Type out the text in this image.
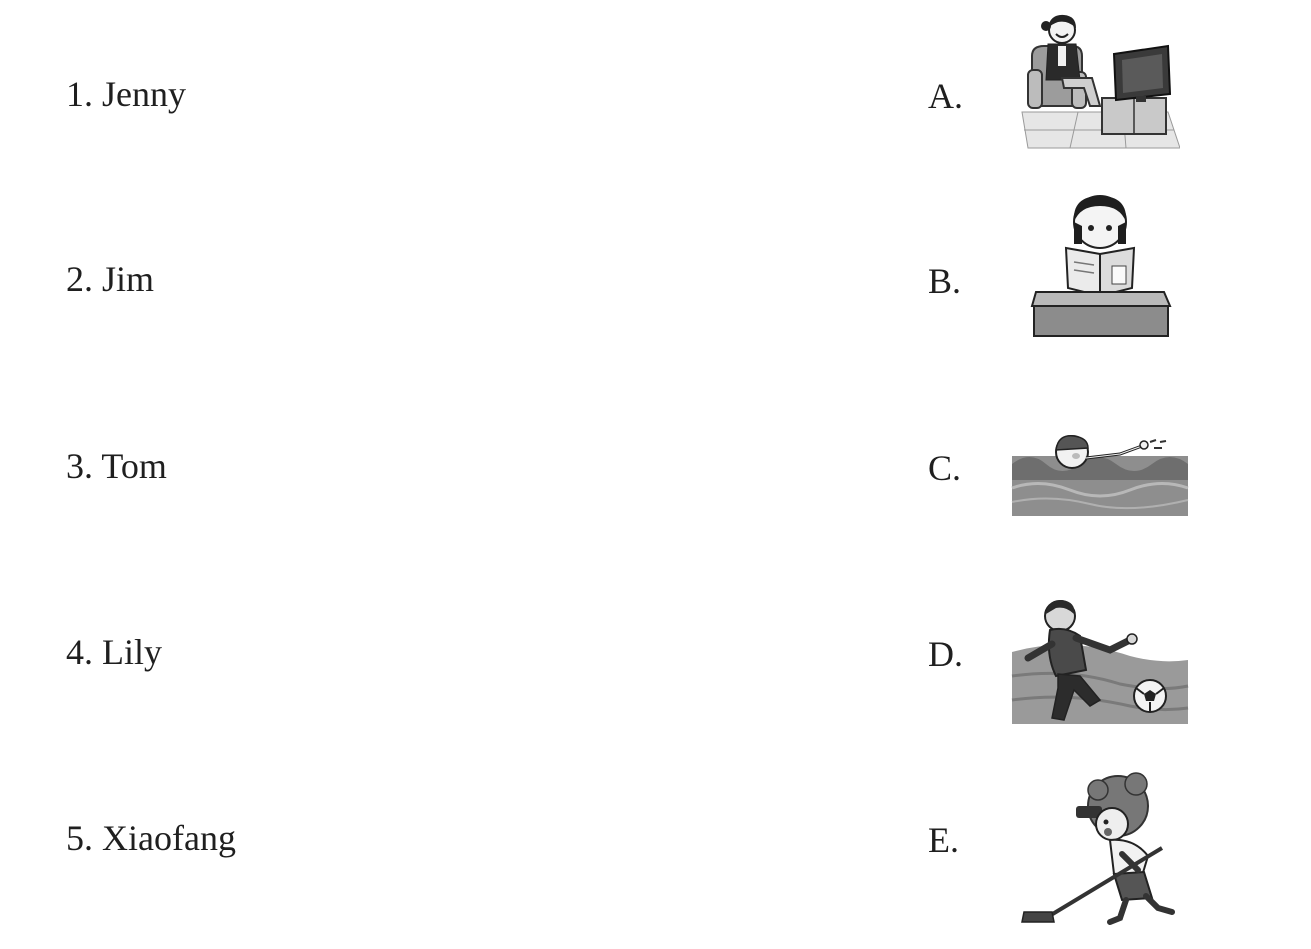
1. Jenny
2. Jim
3. Tom
4. Lily
5. Xiaofang
A.
B.
C.
D.
E.
